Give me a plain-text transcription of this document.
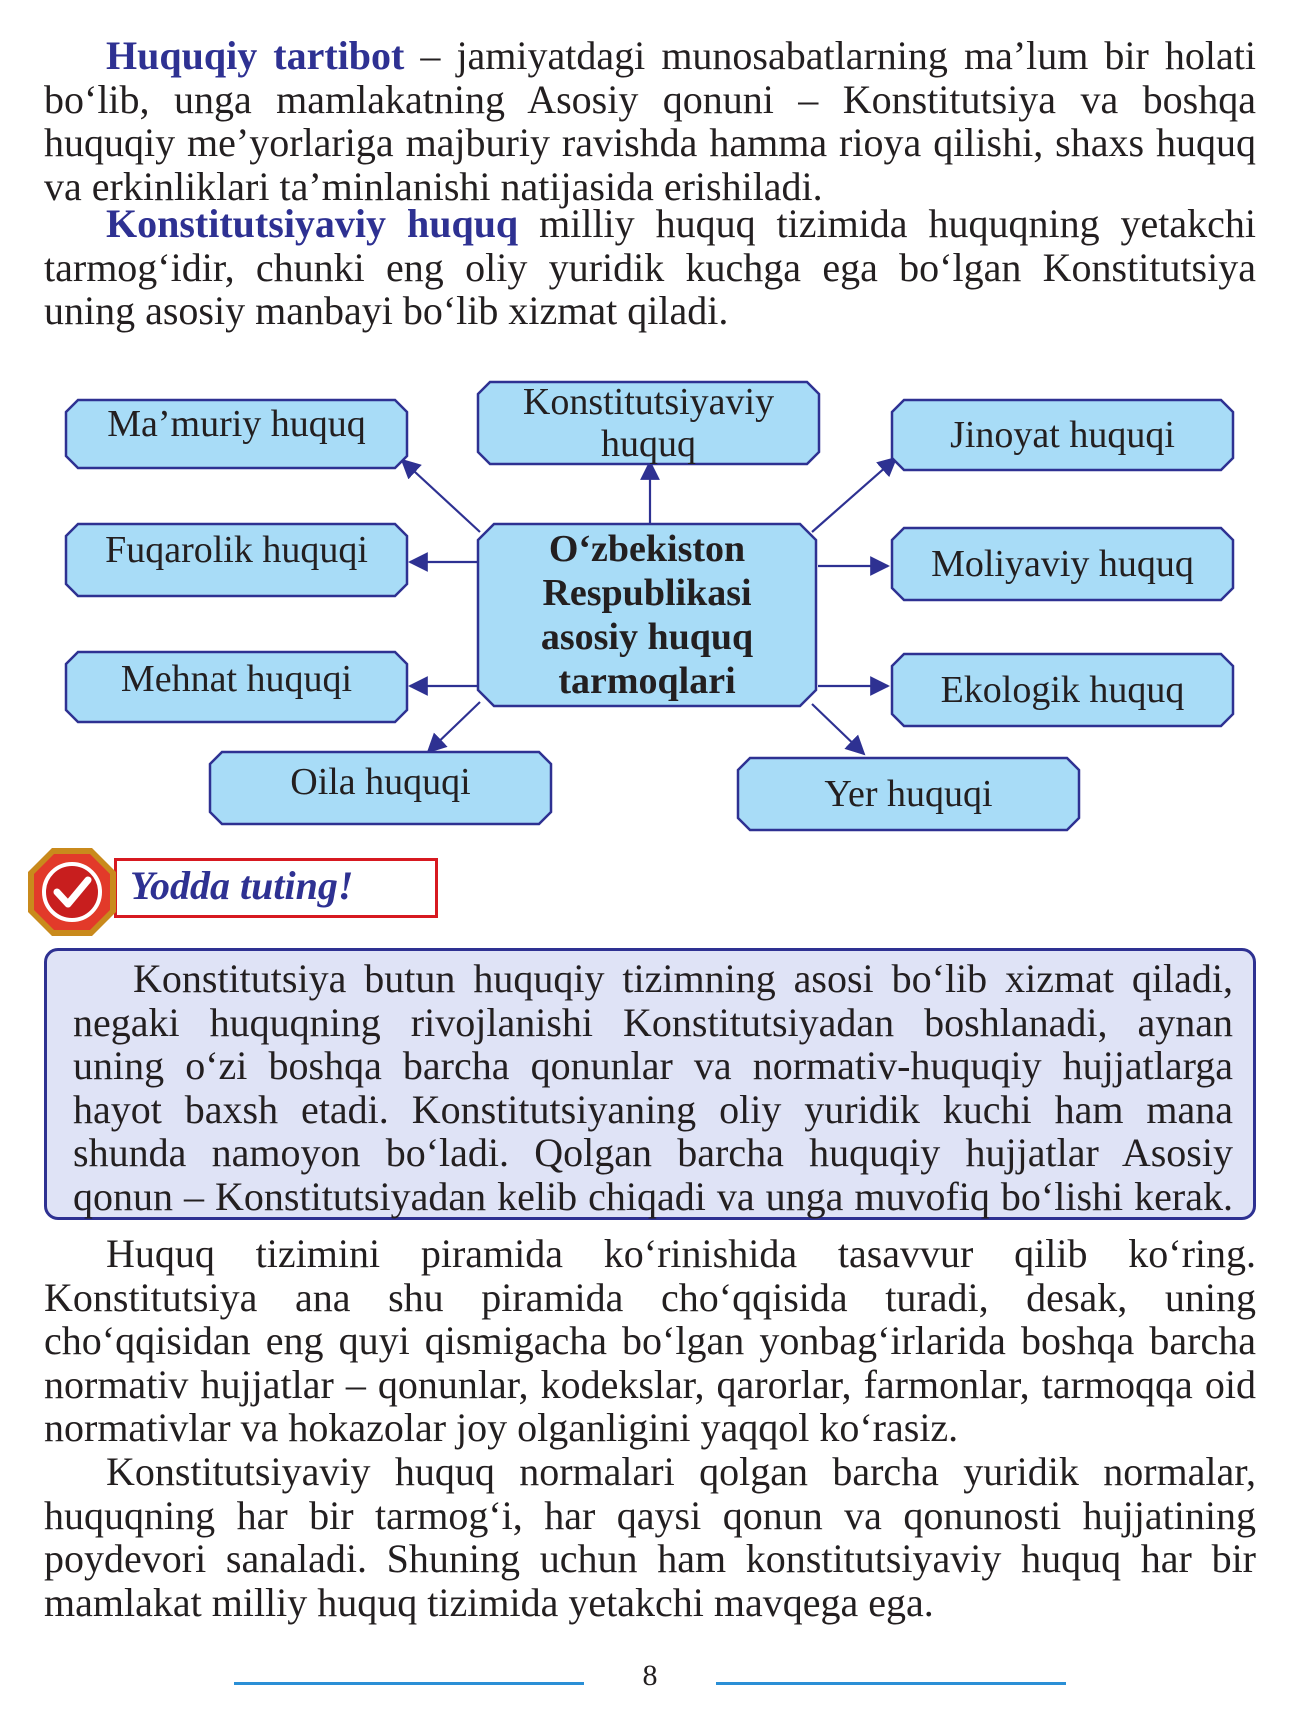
Huquqiy tartibot – jamiyatdagi munosabatlarning ma’lum bir holati bo‘lib, unga mamlakatning Asosiy qonuni – Konstitutsiya va boshqa huquqiy me’yorlariga majburiy ravishda hamma rioya qilishi, shaxs huquq va erkinliklari ta’minlanishi natijasida erishiladi.

Konstitutsiyaviy huquq milliy huquq tizimida huquqning yetakchi tarmog‘idir, chunki eng oliy yuridik kuchga ega bo‘lgan Konstitutsiya uning asosiy manbayi bo‘lib xizmat qiladi.

Ma’muriy huquq
Konstitutsiyaviy huquq	Jinoyat huquqi
Fuqarolik huquqi	O‘zbekiston Respublikasi asosiy huquq tarmoqlari
Moliyaviy huquq
Mehnat huquqi	Ekologik huquq
Oila huquqi	Yer huquqi
Yodda tuting!

Konstitutsiya butun huquqiy tizimning asosi bo‘lib xizmat qiladi, negaki huquqning rivojlanishi Konstitutsiyadan boshlanadi, aynan uning o‘zi boshqa barcha qonunlar va normativ-huquqiy hujjatlarga hayot baxsh etadi. Konstitutsiyaning oliy yuridik kuchi ham mana shunda namoyon bo‘ladi. Qolgan barcha huquqiy hujjatlar Asosiy qonun – Konstitutsiyadan kelib chiqadi va unga muvofiq bo‘lishi kerak.

Huquq tizimini piramida ko‘rinishida tasavvur qilib ko‘ring. Konstitutsiya ana shu piramida cho‘qqisida turadi, desak, uning cho‘qqisidan eng quyi qismigacha bo‘lgan yonbag‘irlarida boshqa barcha normativ hujjatlar – qonunlar, kodekslar, qarorlar, farmonlar, tarmoqqa oid normativlar va hokazolar joy olganligini yaqqol ko‘rasiz.

Konstitutsiyaviy huquq normalari qolgan barcha yuridik normalar, huquqning har bir tarmog‘i, har qaysi qonun va qonunosti hujjatining poydevori sanaladi. Shuning uchun ham konstitutsiyaviy huquq har bir mamlakat milliy huquq tizimida yetakchi mavqega ega.

8
